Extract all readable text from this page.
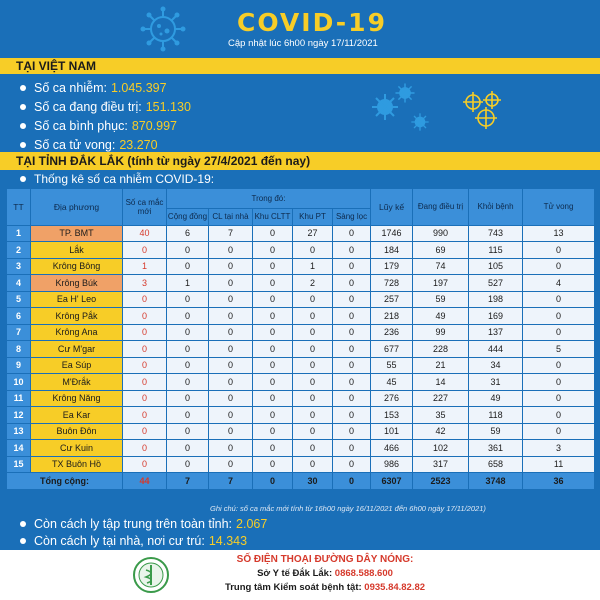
COVID-19
Cập nhật lúc 6h00 ngày 17/11/2021
TẠI VIỆT NAM
Số ca nhiễm: 1.045.397
Số ca đang điều trị: 151.130
Số ca bình phục: 870.997
Số ca tử vong: 23.270
TẠI TỈNH ĐẮK LẮK (tính từ ngày 27/4/2021 đến nay)
Thống kê số ca nhiễm COVID-19:
TT	Địa phương	Số ca mắc mới	Trong đó:					Lũy kế	Đang điều trị	Khỏi bệnh	Tử vong
			Cộng đồng	CL tại nhà	Khu CLTT	Khu PT	Sàng lọc				
1	TP. BMT	40	6	7	0	27	0	1746	990	743	13
2	Lắk	0	0	0	0	0	0	184	69	115	0
3	Krông Bông	1	0	0	0	1	0	179	74	105	0
4	Krông Búk	3	1	0	0	2	0	728	197	527	4
5	Ea H' Leo	0	0	0	0	0	0	257	59	198	0
6	Krông Pắk	0	0	0	0	0	0	218	49	169	0
7	Krông Ana	0	0	0	0	0	0	236	99	137	0
8	Cư M'gar	0	0	0	0	0	0	677	228	444	5
9	Ea Súp	0	0	0	0	0	0	55	21	34	0
10	M'Đrắk	0	0	0	0	0	0	45	14	31	0
11	Krông Năng	0	0	0	0	0	0	276	227	49	0
12	Ea Kar	0	0	0	0	0	0	153	35	118	0
13	Buôn Đôn	0	0	0	0	0	0	101	42	59	0
14	Cư Kuin	0	0	0	0	0	0	466	102	361	3
15	TX Buôn Hồ	0	0	0	0	0	0	986	317	658	11
Tổng cộng:		44	7	7	0	30	0	6307	2523	3748	36
Ghi chú: số ca mắc mới tính từ 16h00 ngày 16/11/2021 đến 6h00 ngày 17/11/2021)
Còn cách ly tập trung trên toàn tỉnh: 2.067
Còn cách ly tại nhà, nơi cư trú: 14.343
SỐ ĐIỆN THOẠI ĐƯỜNG DÂY NÓNG:
Sở Y tế Đắk Lắk: 0868.588.600
Trung tâm Kiểm soát bệnh tật: 0935.84.82.82
